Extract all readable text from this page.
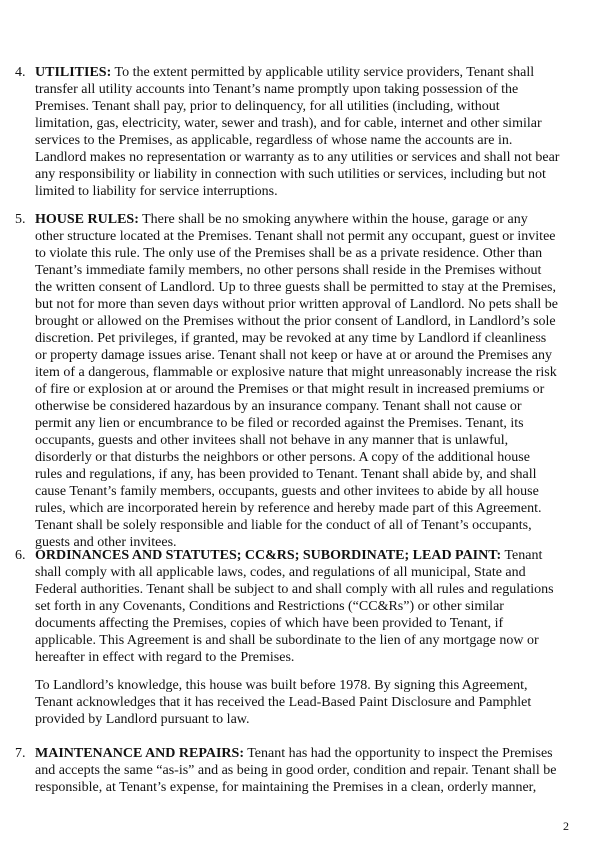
4. UTILITIES: To the extent permitted by applicable utility service providers, Tenant shall
transfer all utility accounts into Tenant’s name promptly upon taking possession of the
Premises. Tenant shall pay, prior to delinquency, for all utilities (including, without
limitation, gas, electricity, water, sewer and trash), and for cable, internet and other similar
services to the Premises, as applicable, regardless of whose name the accounts are in.
Landlord makes no representation or warranty as to any utilities or services and shall not bear
any responsibility or liability in connection with such utilities or services, including but not
limited to liability for service interruptions.
5. HOUSE RULES: There shall be no smoking anywhere within the house, garage or any
other structure located at the Premises. Tenant shall not permit any occupant, guest or invitee
to violate this rule. The only use of the Premises shall be as a private residence. Other than
Tenant’s immediate family members, no other persons shall reside in the Premises without
the written consent of Landlord. Up to three guests shall be permitted to stay at the Premises,
but not for more than seven days without prior written approval of Landlord. No pets shall be
brought or allowed on the Premises without the prior consent of Landlord, in Landlord’s sole
discretion. Pet privileges, if granted, may be revoked at any time by Landlord if cleanliness
or property damage issues arise. Tenant shall not keep or have at or around the Premises any
item of a dangerous, flammable or explosive nature that might unreasonably increase the risk
of fire or explosion at or around the Premises or that might result in increased premiums or
otherwise be considered hazardous by an insurance company. Tenant shall not cause or
permit any lien or encumbrance to be filed or recorded against the Premises. Tenant, its
occupants, guests and other invitees shall not behave in any manner that is unlawful,
disorderly or that disturbs the neighbors or other persons. A copy of the additional house
rules and regulations, if any, has been provided to Tenant. Tenant shall abide by, and shall
cause Tenant’s family members, occupants, guests and other invitees to abide by all house
rules, which are incorporated herein by reference and hereby made part of this Agreement.
Tenant shall be solely responsible and liable for the conduct of all of Tenant’s occupants,
guests and other invitees.
6. ORDINANCES AND STATUTES; CC&RS; SUBORDINATE; LEAD PAINT: Tenant
shall comply with all applicable laws, codes, and regulations of all municipal, State and
Federal authorities. Tenant shall be subject to and shall comply with all rules and regulations
set forth in any Covenants, Conditions and Restrictions (“CC&Rs”) or other similar
documents affecting the Premises, copies of which have been provided to Tenant, if
applicable. This Agreement is and shall be subordinate to the lien of any mortgage now or
hereafter in effect with regard to the Premises.
To Landlord’s knowledge, this house was built before 1978. By signing this Agreement,
Tenant acknowledges that it has received the Lead-Based Paint Disclosure and Pamphlet
provided by Landlord pursuant to law.
7. MAINTENANCE AND REPAIRS: Tenant has had the opportunity to inspect the Premises
and accepts the same “as-is” and as being in good order, condition and repair. Tenant shall be
responsible, at Tenant’s expense, for maintaining the Premises in a clean, orderly manner,
2
